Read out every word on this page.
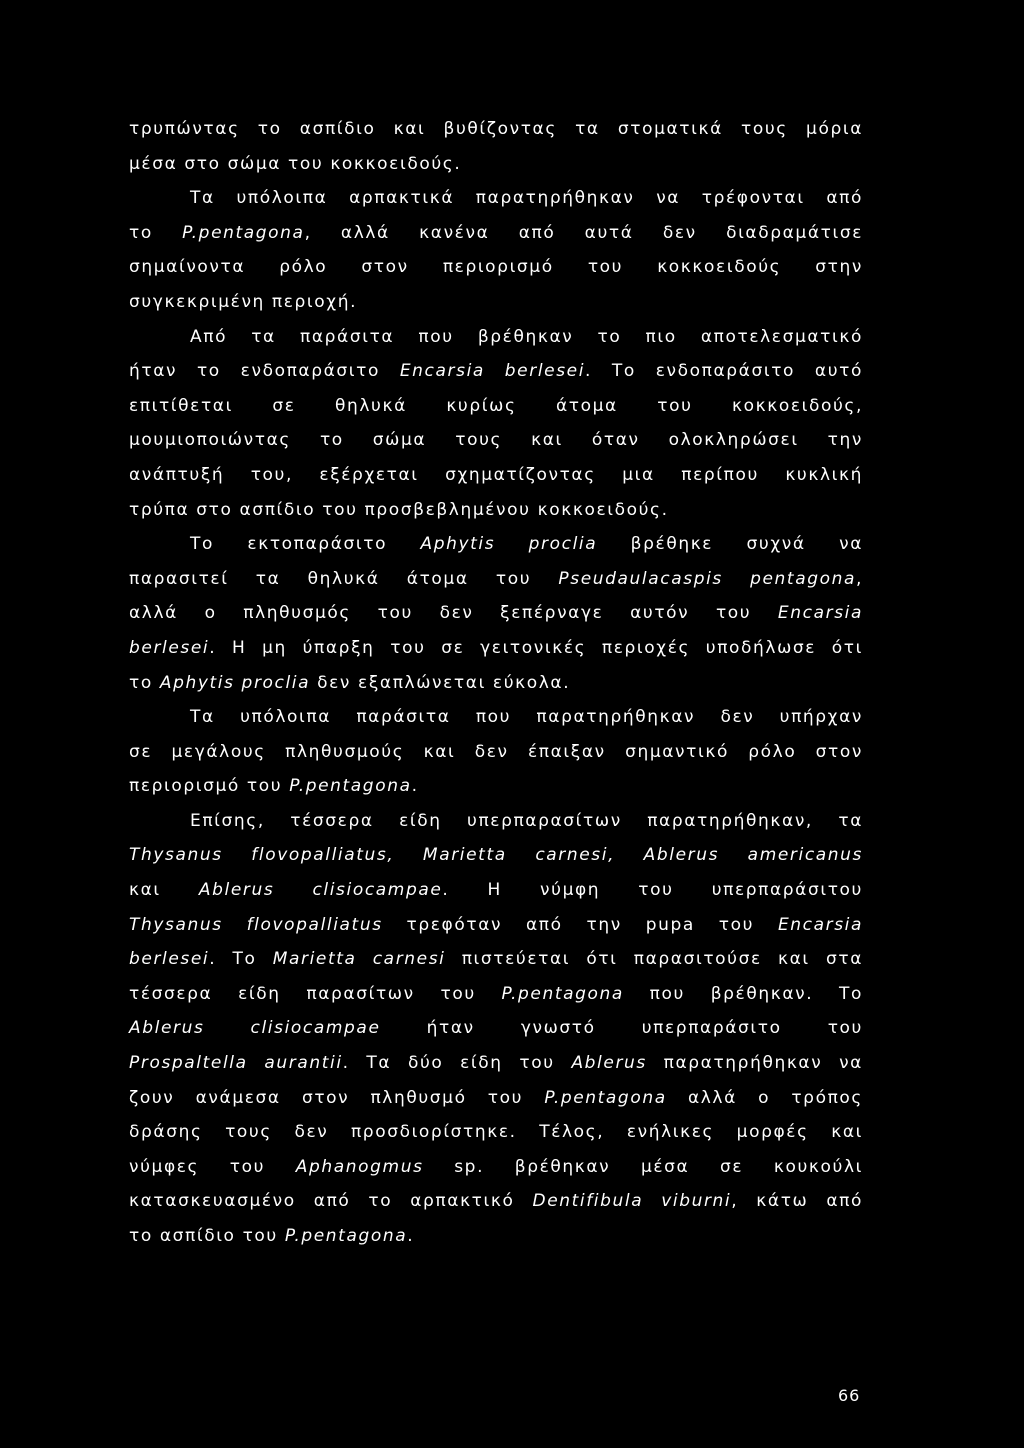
τρυπώντας το ασπίδιο και βυθίζοντας τα στοματικά τους μόρια
μέσα στο σώμα του κοκκοειδούς.
Τα υπόλοιπα αρπακτικά παρατηρήθηκαν να τρέφονται από
το P.pentagona, αλλά κανένα από αυτά δεν διαδραμάτισε
σημαίνοντα ρόλο στον περιορισμό του κοκκοειδούς στην
συγκεκριμένη περιοχή.
Από τα παράσιτα που βρέθηκαν το πιο αποτελεσματικό
ήταν το ενδοπαράσιτο Encarsia berlesei. Το ενδοπαράσιτο αυτό
επιτίθεται σε θηλυκά κυρίως άτομα του κοκκοειδούς,
μουμιοποιώντας το σώμα τους και όταν ολοκληρώσει την
ανάπτυξή του, εξέρχεται σχηματίζοντας μια περίπου κυκλική
τρύπα στο ασπίδιο του προσβεβλημένου κοκκοειδούς.
Το εκτοπαράσιτο Aphytis proclia βρέθηκε συχνά να
παρασιτεί τα θηλυκά άτομα του Pseudaulacaspis pentagona,
αλλά ο πληθυσμός του δεν ξεπέρναγε αυτόν του Encarsia
berlesei. Η μη ύπαρξη του σε γειτονικές περιοχές υποδήλωσε ότι
το Aphytis proclia δεν εξαπλώνεται εύκολα.
Τα υπόλοιπα παράσιτα που παρατηρήθηκαν δεν υπήρχαν
σε μεγάλους πληθυσμούς και δεν έπαιξαν σημαντικό ρόλο στον
περιορισμό του P.pentagona.
Επίσης, τέσσερα είδη υπερπαρασίτων παρατηρήθηκαν, τα
Thysanus flovopalliatus, Marietta carnesi, Ablerus americanus
και Ablerus clisiocampae. Η νύμφη του υπερπαράσιτου
Thysanus flovopalliatus τρεφόταν από την pupa του Encarsia
berlesei. Το Marietta carnesi πιστεύεται ότι παρασιτούσε και στα
τέσσερα είδη παρασίτων του P.pentagona που βρέθηκαν. Το
Ablerus clisiocampae ήταν γνωστό υπερπαράσιτο του
Prospaltella aurantii. Τα δύο είδη του Ablerus παρατηρήθηκαν να
ζουν ανάμεσα στον πληθυσμό του P.pentagona αλλά ο τρόπος
δράσης τους δεν προσδιορίστηκε. Τέλος, ενήλικες μορφές και
νύμφες του Aphanogmus sp. βρέθηκαν μέσα σε κουκούλι
κατασκευασμένο από το αρπακτικό Dentifibula viburni, κάτω από
το ασπίδιο του P.pentagona.
66
